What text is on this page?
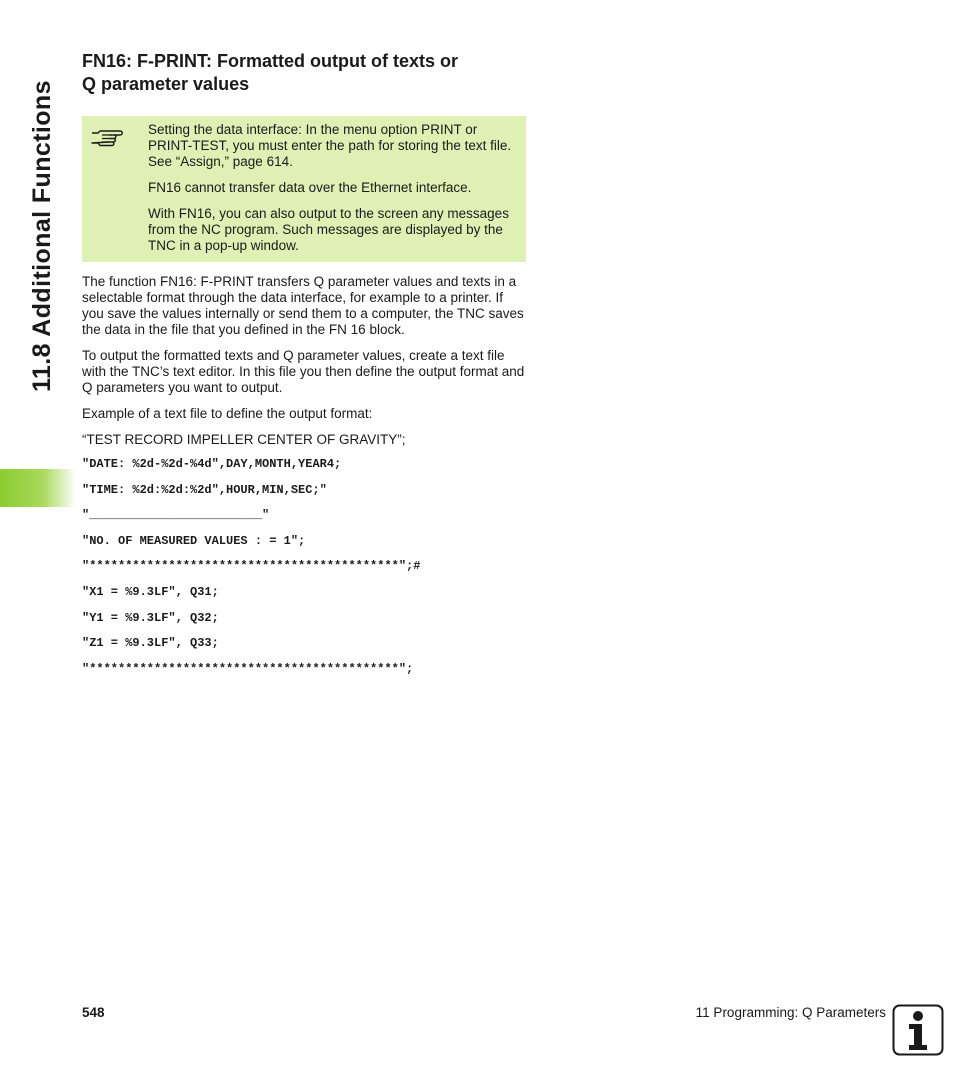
11.8 Additional Functions
FN16: F-PRINT: Formatted output of texts or
Q parameter values

Setting the data interface: In the menu option PRINT or PRINT-TEST, you must enter the path for storing the text file. See “Assign,” page 614.

FN16 cannot transfer data over the Ethernet interface.

With FN16, you can also output to the screen any messages from the NC program. Such messages are displayed by the TNC in a pop-up window.

The function FN16: F-PRINT transfers Q parameter values and texts in a selectable format through the data interface, for example to a printer. If you save the values internally or send them to a computer, the TNC saves the data in the file that you defined in the FN 16 block.

To output the formatted texts and Q parameter values, create a text file with the TNC’s text editor. In this file you then define the output format and Q parameters you want to output.

Example of a text file to define the output format:

“TEST RECORD IMPELLER CENTER OF GRAVITY”;

"DATE: %2d-%2d-%4d",DAY,MONTH,YEAR4;
"TIME: %2d:%2d:%2d",HOUR,MIN,SEC;"
"________________________"
"NO. OF MEASURED VALUES : = 1";
"*******************************************";#
"X1 = %9.3LF", Q31;
"Y1 = %9.3LF", Q32;
"Z1 = %9.3LF", Q33;
"*******************************************";
548	11 Programming: Q Parameters
